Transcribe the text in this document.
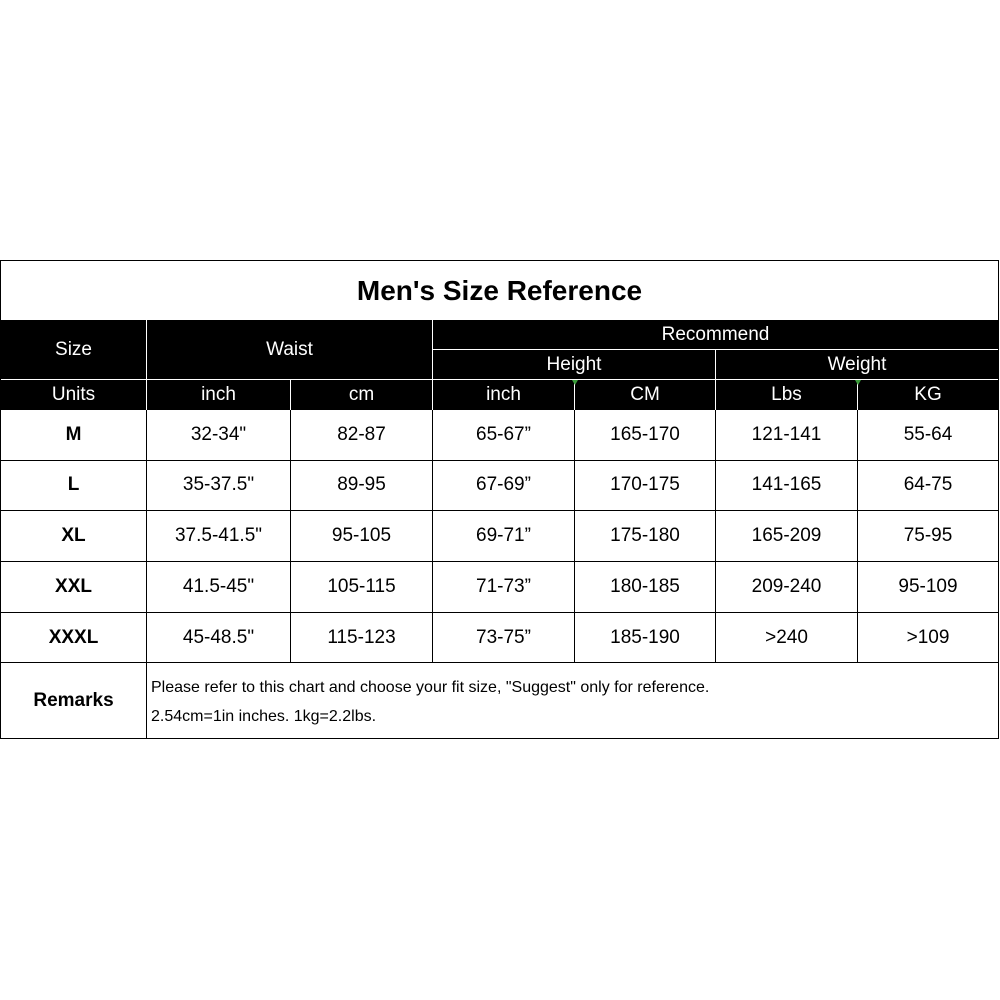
Men's Size Reference
Size	Waist
Recommend
Height	Weight
Units	inch	cm	inch	CM	Lbs	KG
M	32-34"	82-87	65-67”	165-170	121-141	55-64
L	35-37.5"	89-95	67-69”	170-175	141-165	64-75
XL	37.5-41.5"	95-105	69-71”	175-180	165-209	75-95
XXL	41.5-45"	105-115	71-73”	180-185	209-240	95-109
XXXL	45-48.5"	115-123	73-75”	185-190	>240	>109
Remarks
Please refer to this chart and choose your fit size, "Suggest" only for reference.
2.54cm=1in inches. 1kg=2.2lbs.
